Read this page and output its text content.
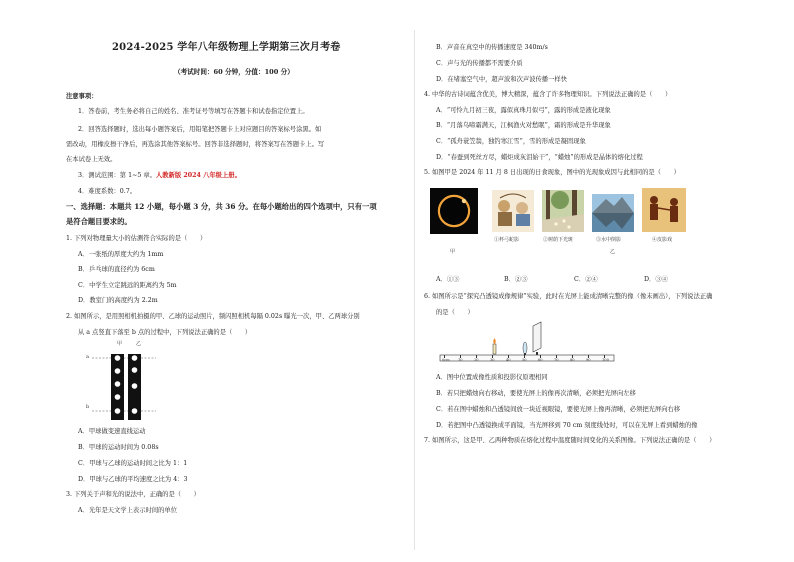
2024-2025 学年八年级物理上学期第三次月考卷
（考试时间：60 分钟，分值：100 分）
注意事项：
1．答卷前，考生务必将自己的姓名、准考证号等填写在答题卡和试卷指定位置上。
2．回答选择题时，选出每小题答案后，用铅笔把答题卡上对应题目的答案标号涂黑。如
需改动，用橡皮擦干净后，再选涂其他答案标号。回答非选择题时，将答案写在答题卡上。写
在本试卷上无效。
3．测试范围：第 1~5 章。人教新版 2024 八年级上册。
4．难度系数：0.7。
一、选择题：本题共 12 小题，每小题 3 分，共 36 分。在每小题给出的四个选项中，只有一项
是符合题目要求的。
1. 下列对物理量大小的估测符合实际的是（　　）
A．一张纸的厚度大约为 1mm
B．乒乓球的直径约为 6cm
C．中学生立定跳远的距离约为 5m
D．教室门的高度约为 2.2m
2. 如图所示，是用照相机拍摄的甲、乙球的运动照片，频闪照相机每隔 0.02s 曝光一次，甲、乙两球分别
从 a 点竖直下落至 b 点的过程中，下列说法正确的是（　　）
甲	乙
a
b
A．甲球做变速直线运动
B．甲球的运动时间为 0.08s
C．甲球与乙球的运动时间之比为 1：1
D．甲球与乙球的平均速度之比为 4：3
3. 下列关于声和光的说法中，正确的是（　　）
A．光年是天文学上表示时间的单位
B．声音在真空中的传播速度是 340m/s
C．声与光的传播都不需要介质
D．在堵塞空气中，超声波和次声波传播一样快
4. 中华的古诗词蕴含优美，博大精深，蕴含了许多物理知识。下列说法正确的是（　　）
A．“可怜九月初三夜，露似真珠月似弓”，露的形成是液化现象
B．“月落乌啼霜满天，江枫渔火对愁眠”，霜的形成是升华现象
C．“孤舟蓑笠翁，独钓寒江雪”，雪的形成是凝固现象
D．“春蚕到死丝方尽，蜡炬成灰泪始干”，“蜡烛”的形成是晶体的熔化过程
5. 如图甲是 2024 年 11 月 8 日出现的日食现象，图中的光现象成因与此相同的是（　　）
甲
①杯弓蛇影	②树荫下光斑	③水中倒影
乙
④皮影戏
A．①③	B．②③	C．②④	D．③④
6. 如图所示是“探究凸透镜成像规律”实验，此时在光屏上能成清晰完整的像（像未画出），下列说法正确
的是（　　）
0cm 10	20	30	40	50	60	70	80	90	100
A．图中位置成像性质和投影仪原理相同
B．若只把蜡烛向右移动，要使光屏上的像再次清晰，必须把光屏向左移
C．若在图中蜡烛和凸透镜间放一块近视眼镜，要使光屏上像再清晰，必须把光屏向右移
D．若把图中凸透镜换成平面镜，当光屏移到 70 cm 刻度线处时，可以在光屏上看到蜡烛的像
7. 如图所示，这是甲、乙两种物质在熔化过程中温度随时间变化的关系图像。下列说法正确的是（　　）
